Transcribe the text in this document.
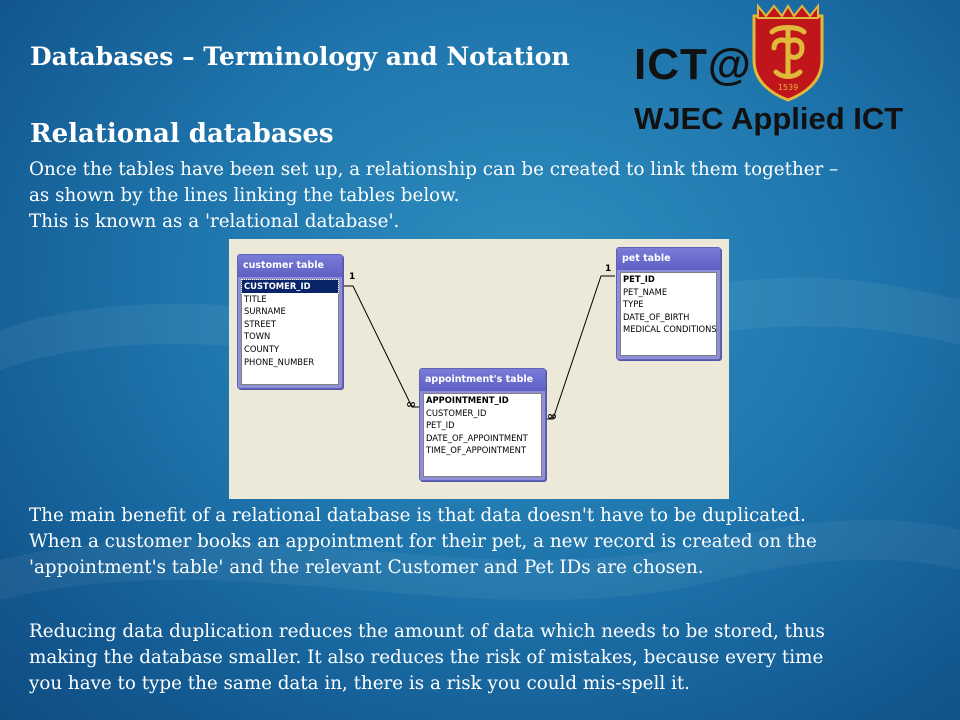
Databases – Terminology and Notation
Relational databases
ICT@
WJEC Applied ICT
1539

Once the tables have been set up, a relationship can be created to link them together –
as shown by the lines linking the tables below.
This is known as a 'relational database'.

customer table
CUSTOMER_ID
TITLE
SURNAME
STREET
TOWN
COUNTY
PHONE_NUMBER
pet table
PET_ID
PET_NAME
TYPE
DATE_OF_BIRTH
MEDICAL CONDITIONS
appointment's table
APPOINTMENT_ID
CUSTOMER_ID
PET_ID
DATE_OF_APPOINTMENT
TIME_OF_APPOINTMENT
1
∞
1
∞

The main benefit of a relational database is that data doesn't have to be duplicated.
When a customer books an appointment for their pet, a new record is created on the
'appointment's table' and the relevant Customer and Pet IDs are chosen.

Reducing data duplication reduces the amount of data which needs to be stored, thus
making the database smaller. It also reduces the risk of mistakes, because every time
you have to type the same data in, there is a risk you could mis-spell it.
